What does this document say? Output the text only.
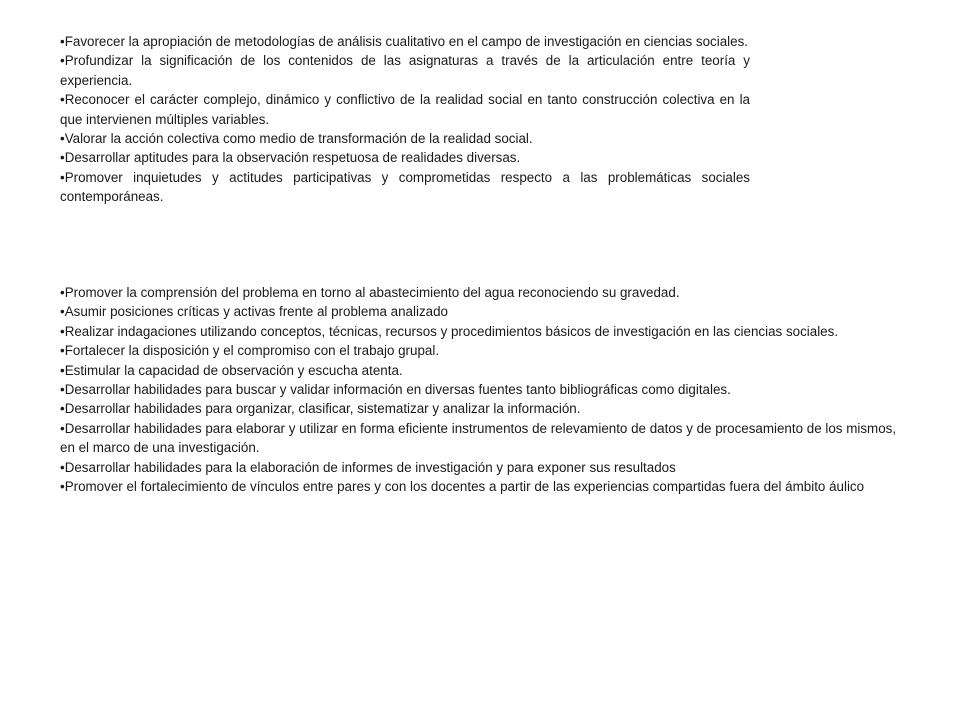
•Favorecer la apropiación de metodologías de análisis cualitativo en el campo de investigación en ciencias sociales.

•Profundizar la significación de los contenidos de las asignaturas a través de la articulación entre teoría y experiencia.

•Reconocer el carácter complejo, dinámico y conflictivo de la realidad social en tanto construcción colectiva en la que intervienen múltiples variables.

•Valorar la acción colectiva como medio de transformación de la realidad social.

•Desarrollar aptitudes para la observación respetuosa de realidades diversas.

•Promover inquietudes y actitudes participativas y comprometidas respecto a las problemáticas sociales contemporáneas.

•Promover la comprensión del problema en torno al abastecimiento del agua reconociendo su gravedad.

•Asumir posiciones críticas y activas frente al problema analizado

•Realizar indagaciones utilizando conceptos, técnicas, recursos y procedimientos básicos de investigación en las ciencias sociales.

•Fortalecer la disposición y el compromiso con el trabajo grupal.

•Estimular la capacidad de observación y escucha atenta.

•Desarrollar habilidades para buscar y validar información en diversas fuentes tanto bibliográficas como digitales.

•Desarrollar habilidades para organizar, clasificar, sistematizar y analizar la información.

•Desarrollar habilidades para elaborar y utilizar en forma eficiente instrumentos de relevamiento de datos y de procesamiento de los mismos, en el marco de una investigación.

•Desarrollar habilidades para la elaboración de informes de investigación y para exponer sus resultados

•Promover el fortalecimiento de vínculos entre pares y con los docentes a partir de las experiencias compartidas fuera del ámbito áulico
